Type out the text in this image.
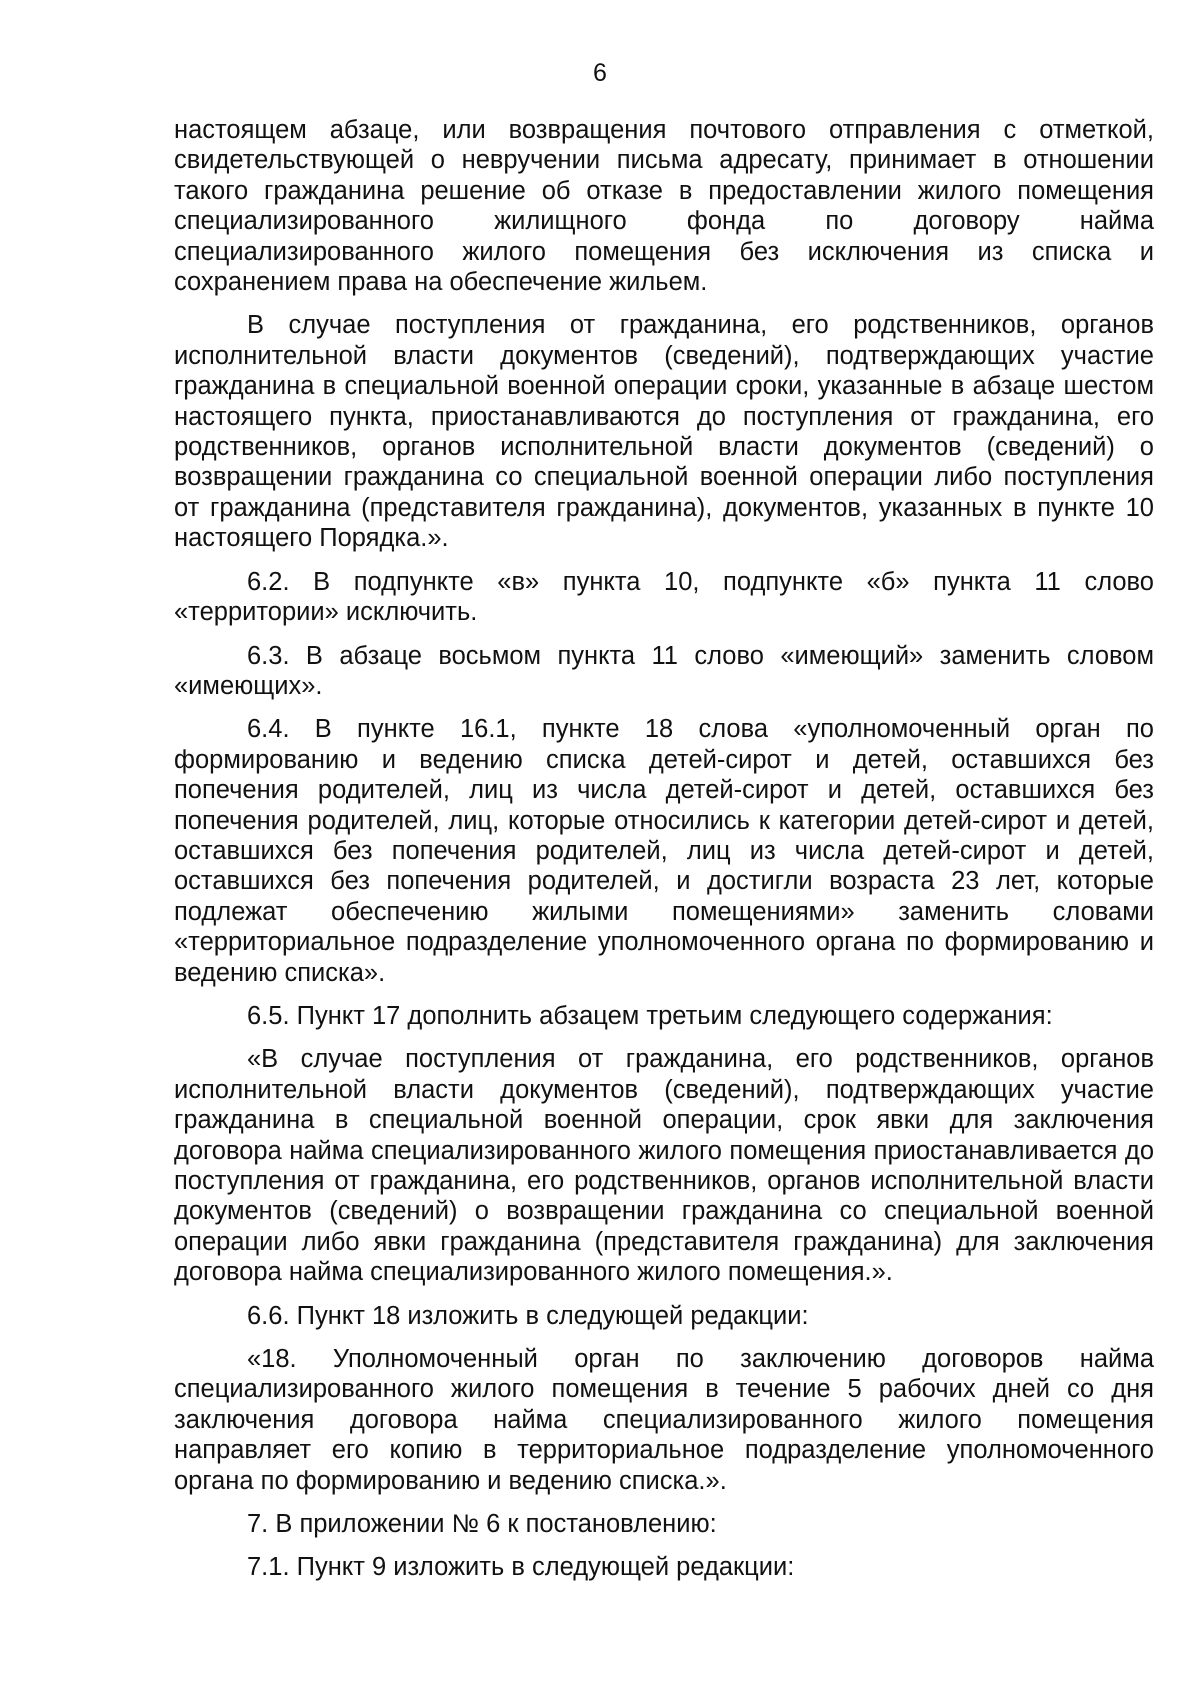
6

настоящем абзаце, или возвращения почтового отправления с отметкой, свидетельствующей о невручении письма адресату, принимает в отношении такого гражданина решение об отказе в предоставлении жилого помещения специализированного жилищного фонда по договору найма специализированного жилого помещения без исключения из списка и сохранением права на обеспечение жильем.

В случае поступления от гражданина, его родственников, органов исполнительной власти документов (сведений), подтверждающих участие гражданина в специальной военной операции сроки, указанные в абзаце шестом настоящего пункта, приостанавливаются до поступления от гражданина, его родственников, органов исполнительной власти документов (сведений) о возвращении гражданина со специальной военной операции либо поступления от гражданина (представителя гражданина), документов, указанных в пункте 10 настоящего Порядка.».

6.2. В подпункте «в» пункта 10, подпункте «б» пункта 11 слово «территории» исключить.

6.3. В абзаце восьмом пункта 11 слово «имеющий» заменить словом «имеющих».

6.4. В пункте 16.1, пункте 18 слова «уполномоченный орган по формированию и ведению списка детей-сирот и детей, оставшихся без попечения родителей, лиц из числа детей-сирот и детей, оставшихся без попечения родителей, лиц, которые относились к категории детей-сирот и детей, оставшихся без попечения родителей, лиц из числа детей-сирот и детей, оставшихся без попечения родителей, и достигли возраста 23 лет, которые подлежат обеспечению жилыми помещениями» заменить словами «территориальное подразделение уполномоченного органа по формированию и ведению списка».

6.5. Пункт 17 дополнить абзацем третьим следующего содержания:

«В случае поступления от гражданина, его родственников, органов исполнительной власти документов (сведений), подтверждающих участие гражданина в специальной военной операции, срок явки для заключения договора найма специализированного жилого помещения приостанавливается до поступления от гражданина, его родственников, органов исполнительной власти документов (сведений) о возвращении гражданина со специальной военной операции либо явки гражданина (представителя гражданина) для заключения договора найма специализированного жилого помещения.».

6.6. Пункт 18 изложить в следующей редакции:

«18. Уполномоченный орган по заключению договоров найма специализированного жилого помещения в течение 5 рабочих дней со дня заключения договора найма специализированного жилого помещения направляет его копию в территориальное подразделение уполномоченного органа по формированию и ведению списка.».

7. В приложении № 6 к постановлению:

7.1. Пункт 9 изложить в следующей редакции:
